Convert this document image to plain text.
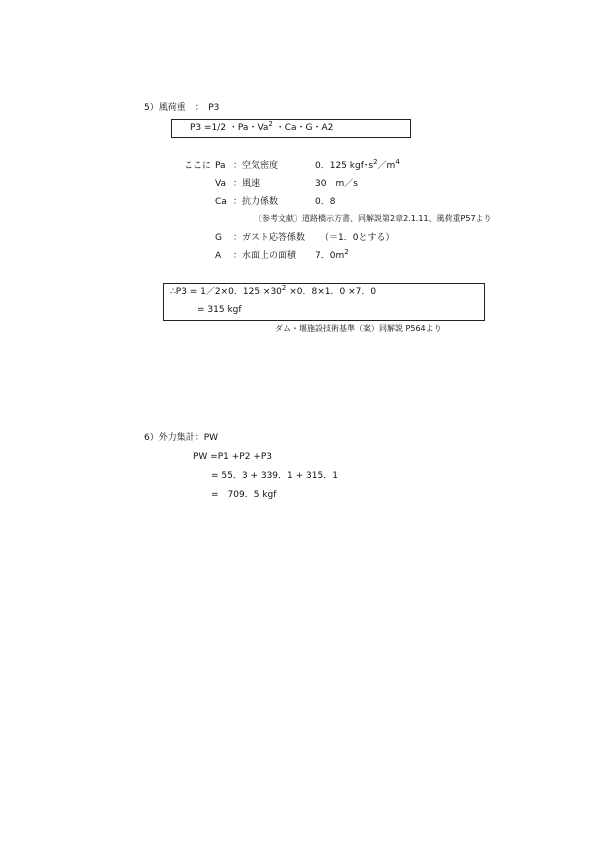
5）風荷重　：　P3
P3 =1/2 ・Pa・Va$^2$ ・Ca・G・A2
ここに Pa ：空気密度	0．125 kgf･$s^2/m^4$
Va ：風速	30　m／s
Ca ：抗力係数	0．8
〔参考文献〕道路橋示方書、同解説第2章2.1.11、風荷重P57より
G ：ガスト応答係数 （＝1．0とする）
A ：水面上の面積 7．$0m^2$
∴P3 = 1／2×0．$125 \times 30^2 \times 0$．8×1．0 ×7．0
= 315 kgf
ダム・堰施設技術基準（案）同解説 P564より
6）外力集計：PW
PW =P1 +P2 +P3
= 55．3 + 339．1 + 315．1
=　709．5 kgf
